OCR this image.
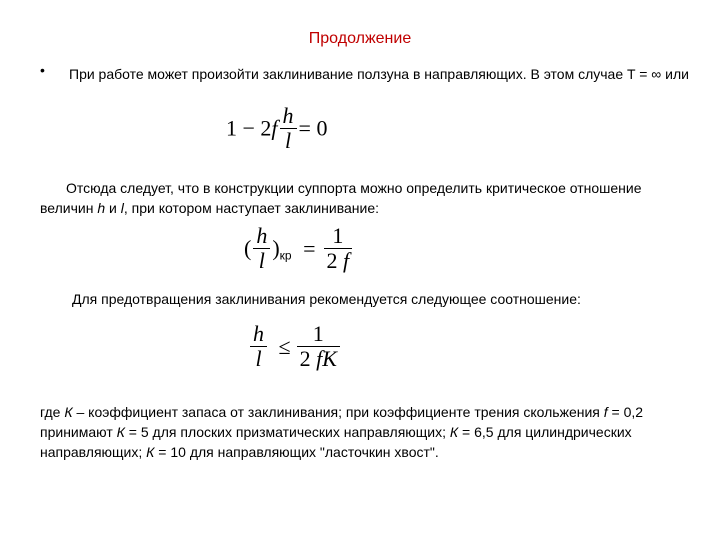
Продолжение
• При работе может произойти заклинивание ползуна в направляющих. В этом случае T = ∞ или
$1 - 2f \frac{h}{l} = 0$
Отсюда следует, что в конструкции суппорта можно определить критическое отношение величин h и l, при котором наступает заклинивание:
( $\frac{h}{l} )_{кр} = \frac{1}{2 f}$
Для предотвращения заклинивания рекомендуется следующее соотношение:
$\frac{h}{l} \le \frac{1}{2 fK}$
где К – коэффициент запаса от заклинивания; при коэффициенте трения скольжения f = 0,2 принимают К = 5 для плоских призматических направляющих; К = 6,5 для цилиндрических направляющих; К = 10 для направляющих "ласточкин хвост".
